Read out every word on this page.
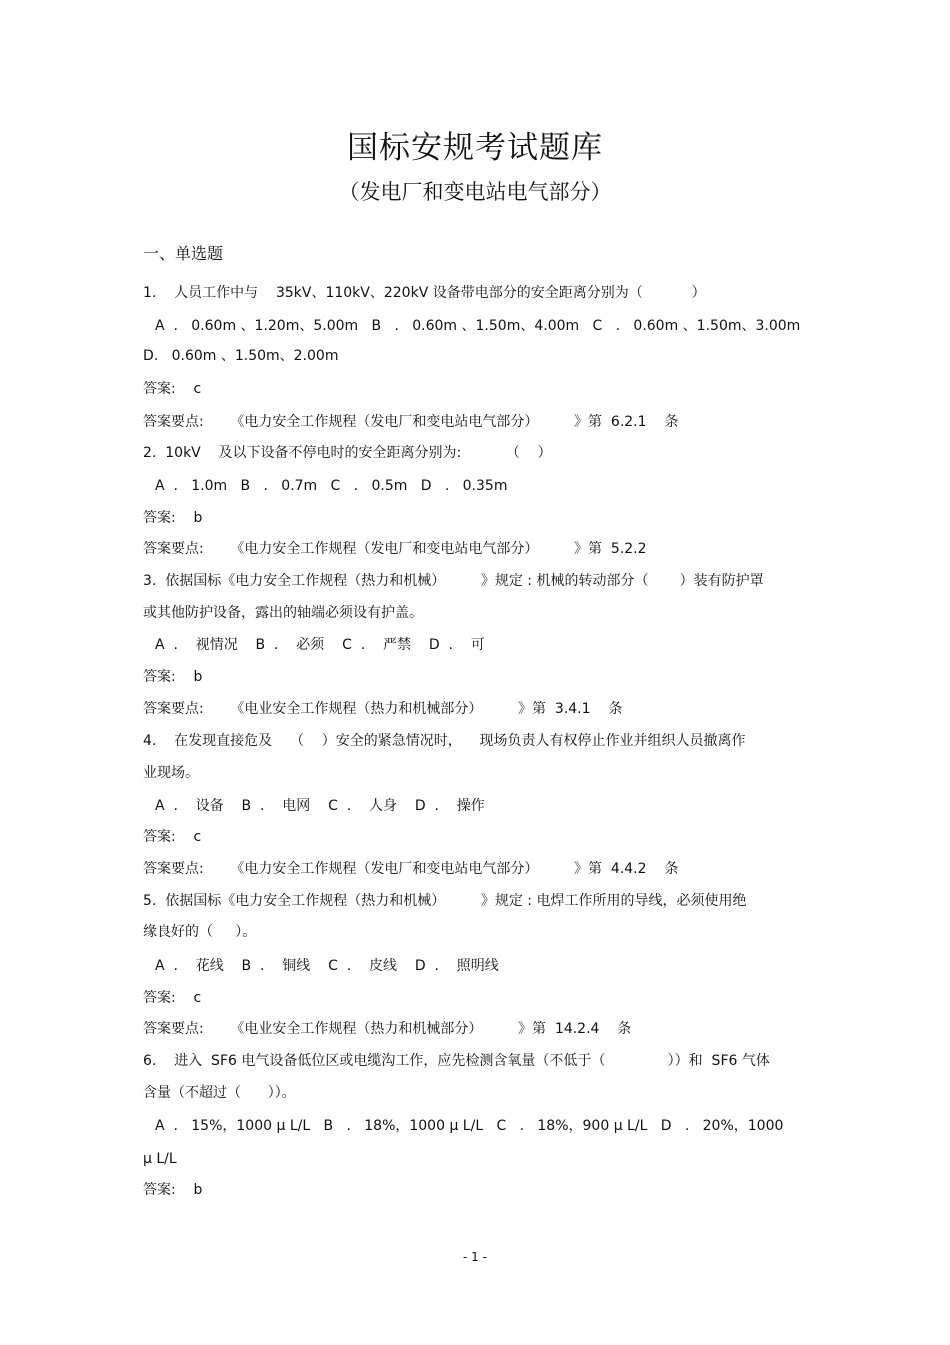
国标安规考试题库
（发电厂和变电站电气部分）
一、单选题
1.    人员工作中与    35kV、110kV、220kV 设备带电部分的安全距离分别为（           ）
A  .   0.60m 、1.20m、5.00m   B   .   0.60m 、1.50m、4.00m   C   .   0.60m 、1.50m、3.00m
D.   0.60m 、1.50m、2.00m
答案:    c
答案要点:      《电力安全工作规程（发电厂和变电站电气部分）        》第  6.2.1    条
2.  10kV    及以下设备不停电时的安全距离分别为:          （    ）
A  .   1.0m   B   .   0.7m   C   .   0.5m   D   .   0.35m
答案:    b
答案要点:      《电力安全工作规程（发电厂和变电站电气部分）        》第  5.2.2
3.  依据国标《电力安全工作规程（热力和机械）        》规定 : 机械的转动部分（       ）装有防护罩
或其他防护设备，露出的轴端必须设有护盖。
A  .    视情况    B  .    必须    C  .    严禁    D  .    可
答案:    b
答案要点:      《电业安全工作规程（热力和机械部分）        》第  3.4.1    条
4.    在发现直接危及    （    ）安全的紧急情况时，    现场负责人有权停止作业并组织人员撤离作
业现场。
A  .    设备    B  .    电网    C  .    人身    D  .    操作
答案:    c
答案要点:      《电力安全工作规程（发电厂和变电站电气部分）        》第  4.4.2    条
5.  依据国标《电力安全工作规程（热力和机械）        》规定 : 电焊工作所用的导线，必须使用绝
缘良好的（     ）。
A  .    花线    B  .    铜线    C  .    皮线    D  .    照明线
答案:    c
答案要点:      《电业安全工作规程（热力和机械部分）        》第  14.2.4    条
6.    进入  SF6 电气设备低位区或电缆沟工作，应先检测含氧量（不低于（              ））和  SF6 气体
含量（不超过（      ））。
A  .   15%，1000 μ L/L   B   .   18%，1000 μ L/L   C   .   18%，900 μ L/L   D   .   20%，1000
μ L/L
答案:    b
- 1 -
